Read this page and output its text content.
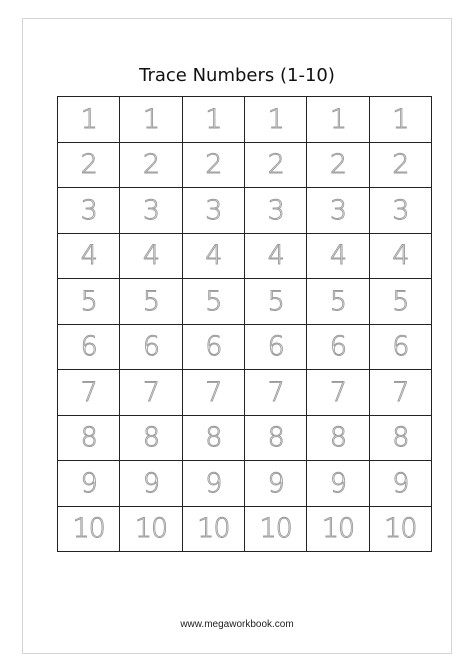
Trace Numbers (1-10)
1 1 1 1 1 1
2 2 2 2 2 2
3 3 3 3 3 3
4 4 4 4 4 4
5 5 5 5 5 5
6 6 6 6 6 6
7 7 7 7 7 7
8 8 8 8 8 8
9 9 9 9 9 9
10 10 10 10 10 10
www.megaworkbook.com
